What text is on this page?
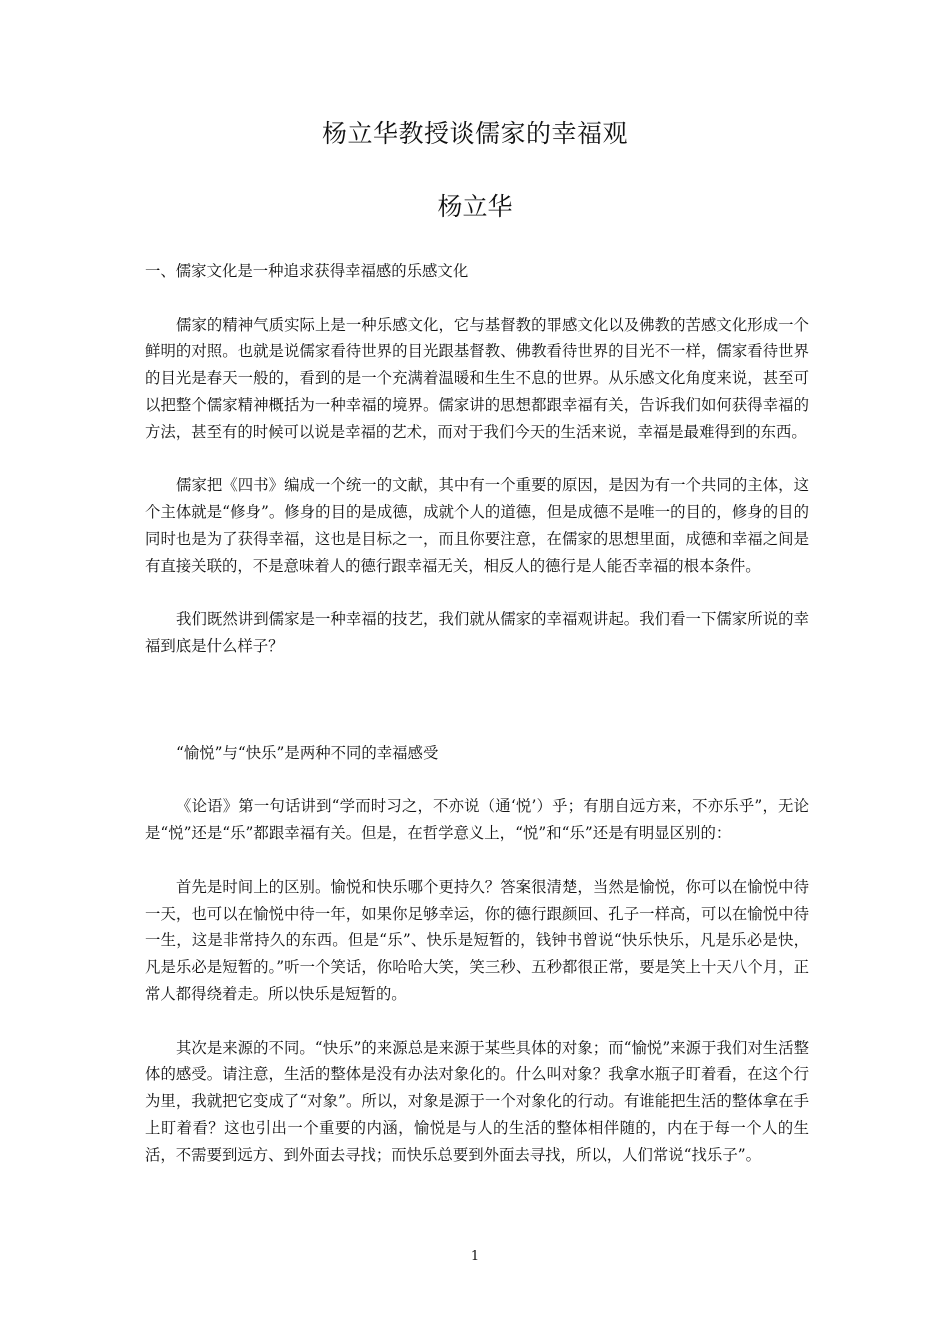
杨立华教授谈儒家的幸福观
杨立华

一、儒家文化是一种追求获得幸福感的乐感文化

儒家的精神气质实际上是一种乐感文化，它与基督教的罪感文化以及佛教的苦感文化形成一个鲜明的对照。也就是说儒家看待世界的目光跟基督教、佛教看待世界的目光不一样，儒家看待世界的目光是春天一般的，看到的是一个充满着温暖和生生不息的世界。从乐感文化角度来说，甚至可以把整个儒家精神概括为一种幸福的境界。儒家讲的思想都跟幸福有关，告诉我们如何获得幸福的方法，甚至有的时候可以说是幸福的艺术，而对于我们今天的生活来说，幸福是最难得到的东西。

儒家把《四书》编成一个统一的文献，其中有一个重要的原因，是因为有一个共同的主体，这个主体就是“修身”。修身的目的是成德，成就个人的道德，但是成德不是唯一的目的，修身的目的同时也是为了获得幸福，这也是目标之一，而且你要注意，在儒家的思想里面，成德和幸福之间是有直接关联的，不是意味着人的德行跟幸福无关，相反人的德行是人能否幸福的根本条件。

我们既然讲到儒家是一种幸福的技艺，我们就从儒家的幸福观讲起。我们看一下儒家所说的幸福到底是什么样子？

“愉悦”与“快乐”是两种不同的幸福感受

《论语》第一句话讲到“学而时习之，不亦说（通‘悦’）乎；有朋自远方来，不亦乐乎”，无论是“悦”还是“乐”都跟幸福有关。但是，在哲学意义上，“悦”和“乐”还是有明显区别的：

首先是时间上的区别。愉悦和快乐哪个更持久？答案很清楚，当然是愉悦，你可以在愉悦中待一天，也可以在愉悦中待一年，如果你足够幸运，你的德行跟颜回、孔子一样高，可以在愉悦中待一生，这是非常持久的东西。但是“乐”、快乐是短暂的，钱钟书曾说“快乐快乐，凡是乐必是快，凡是乐必是短暂的。”听一个笑话，你哈哈大笑，笑三秒、五秒都很正常，要是笑上十天八个月，正常人都得绕着走。所以快乐是短暂的。

其次是来源的不同。“快乐”的来源总是来源于某些具体的对象；而“愉悦”来源于我们对生活整体的感受。请注意，生活的整体是没有办法对象化的。什么叫对象？我拿水瓶子盯着看，在这个行为里，我就把它变成了“对象”。所以，对象是源于一个对象化的行动。有谁能把生活的整体拿在手上盯着看？这也引出一个重要的内涵，愉悦是与人的生活的整体相伴随的，内在于每一个人的生活，不需要到远方、到外面去寻找；而快乐总要到外面去寻找，所以，人们常说“找乐子”。

1
